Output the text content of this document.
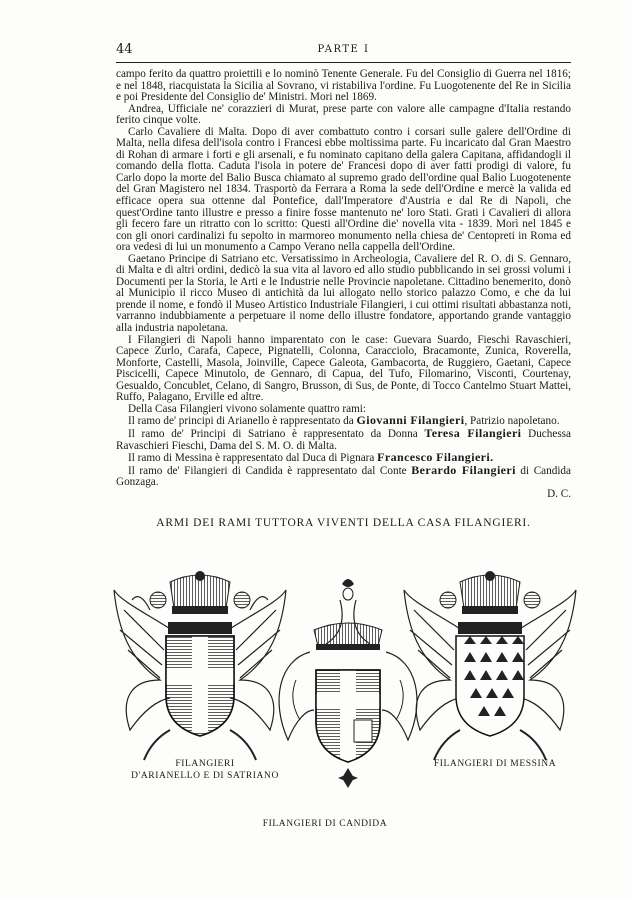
44	PARTE I

campo ferito da quattro proiettili e lo nominò Tenente Generale. Fu del Consiglio di Guerra nel 1816; e nel 1848, riacquistata la Sicilia al Sovrano, vi ristabiliva l'ordine. Fu Luogotenente del Re in Sicilia e poi Presidente del Consiglio de' Ministri. Mori nel 1869.

Andrea, Ufficiale ne' corazzieri di Murat, prese parte con valore alle campagne d'Italia restando ferito cinque volte.

Carlo Cavaliere di Malta. Dopo di aver combattuto contro i corsari sulle galere dell'Ordine di Malta, nella difesa dell'isola contro i Francesi ebbe moltissima parte. Fu incaricato dal Gran Maestro di Rohan di armare i forti e gli arsenali, e fu nominato capitano della galera Capitana, affidandogli il comando della flotta. Caduta l'isola in potere de' Francesi dopo di aver fatti prodigi di valore, fu Carlo dopo la morte del Balio Busca chiamato al supremo grado dell'ordine qual Balio Luogotenente del Gran Magistero nel 1834. Trasportò da Ferrara a Roma la sede dell'Ordine e mercè la valida ed efficace opera sua ottenne dal Pontefice, dall'Imperatore d'Austria e dal Re di Napoli, che quest'Ordine tanto illustre e presso a finire fosse mantenuto ne' loro Stati. Grati i Cavalieri di allora gli fecero fare un ritratto con lo scritto: Questi all'Ordine die' novella vita - 1839. Morì nel 1845 e con gli onori cardinalizi fu sepolto in marmoreo monumento nella chiesa de' Centopreti in Roma ed ora vedesi di lui un monumento a Campo Verano nella cappella dell'Ordine.

Gaetano Principe di Satriano etc. Versatissimo in Archeologia, Cavaliere del R. O. di S. Gennaro, di Malta e di altri ordini, dedicò la sua vita al lavoro ed allo studio pubblicando in sei grossi volumi i Documenti per la Storia, le Arti e le Industrie nelle Provincie napoletane. Cittadino benemerito, donò al Municipio il ricco Museo di antichità da lui allogato nello storico palazzo Como, e che da lui prende il nome, e fondò il Museo Artistico Industriale Filangieri, i cui ottimi risultati abbastanza noti, varranno indubbiamente a perpetuare il nome dello illustre fondatore, apportando grande vantaggio alla industria napoletana.

I Filangieri di Napoli hanno imparentato con le case: Guevara Suardo, Fieschi Ravaschieri, Capece Zurlo, Carafa, Capece, Pignatelli, Colonna, Caracciolo, Bracamonte, Zunica, Roverella, Monforte, Castelli, Masola, Joinville, Capece Galeota, Gambacorta, de Ruggiero, Gaetani, Capece Piscicelli, Capece Minutolo, de Gennaro, di Capua, del Tufo, Filomarino, Visconti, Courtenay, Gesualdo, Concublet, Celano, di Sangro, Brusson, di Sus, de Ponte, di Tocco Cantelmo Stuart Mattei, Ruffo, Palagano, Erville ed altre.

Della Casa Filangieri vivono solamente quattro rami:

Il ramo de' principi di Arianello è rappresentato da Giovanni Filangieri, Patrizio napoletano.

Il ramo de' Principi di Satriano è rappresentato da Donna Teresa Filangieri Duchessa Ravaschieri Fieschi, Dama del S. M. O. di Malta.

Il ramo di Messina è rappresentato dal Duca di Pignara Francesco Filangieri.

Il ramo de' Filangieri di Candida è rappresentato dal Conte Berardo Filangieri di Candida Gonzaga.

D. C.

ARMI DEI RAMI TUTTORA VIVENTI DELLA CASA FILANGIERI.
FILANGIERI
D'ARIANELLO E DI SATRIANO
FILANGIERI DI MESSINA
FILANGIERI DI CANDIDA
